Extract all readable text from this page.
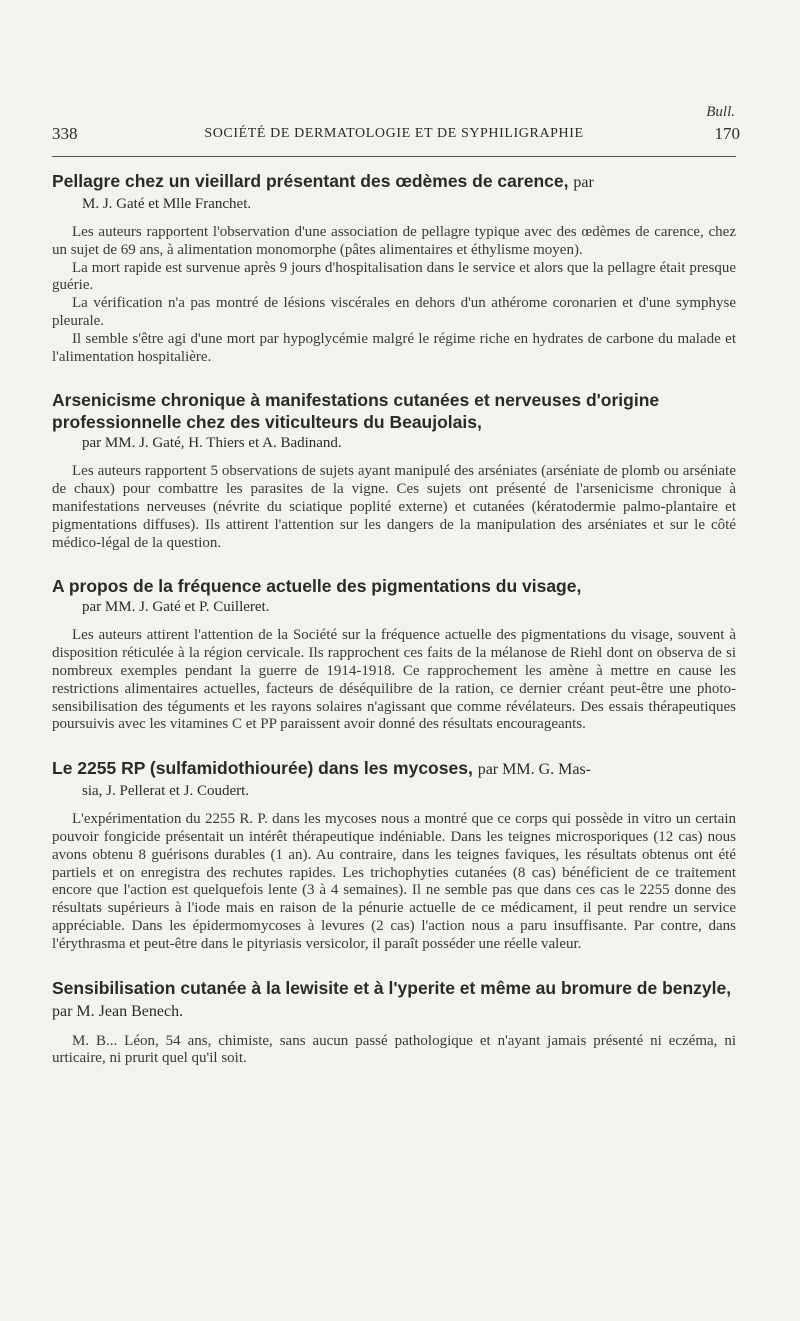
Bull.
338	SOCIÉTÉ DE DERMATOLOGIE ET DE SYPHILIGRAPHIE	170

Pellagre chez un vieillard présentant des œdèmes de carence, par

M. J. Gaté et Mlle Franchet.

Les auteurs rapportent l'observation d'une association de pellagre typique avec des œdèmes de carence, chez un sujet de 69 ans, à alimentation monomorphe (pâtes alimentaires et éthylisme moyen).

La mort rapide est survenue après 9 jours d'hospitalisation dans le service et alors que la pellagre était presque guérie.

La vérification n'a pas montré de lésions viscérales en dehors d'un athérome coronarien et d'une symphyse pleurale.

Il semble s'être agi d'une mort par hypoglycémie malgré le régime riche en hydrates de carbone du malade et l'alimentation hospitalière.

Arsenicisme chronique à manifestations cutanées et nerveuses d'origine professionnelle chez des viticulteurs du Beaujolais,

par MM. J. Gaté, H. Thiers et A. Badinand.

Les auteurs rapportent 5 observations de sujets ayant manipulé des arséniates (arséniate de plomb ou arséniate de chaux) pour combattre les parasites de la vigne. Ces sujets ont présenté de l'arsenicisme chronique à manifestations nerveuses (névrite du sciatique poplité externe) et cutanées (kératodermie palmo-plantaire et pigmentations diffuses). Ils attirent l'attention sur les dangers de la manipulation des arséniates et sur le côté médico-légal de la question.

A propos de la fréquence actuelle des pigmentations du visage,

par MM. J. Gaté et P. Cuilleret.

Les auteurs attirent l'attention de la Société sur la fréquence actuelle des pigmentations du visage, souvent à disposition réticulée à la région cervicale. Ils rapprochent ces faits de la mélanose de Riehl dont on observa de si nombreux exemples pendant la guerre de 1914-1918. Ce rapprochement les amène à mettre en cause les restrictions alimentaires actuelles, facteurs de déséquilibre de la ration, ce dernier créant peut-être une photo-sensibilisation des téguments et les rayons solaires n'agissant que comme révélateurs. Des essais thérapeutiques poursuivis avec les vitamines C et PP paraissent avoir donné des résultats encourageants.

Le 2255 RP (sulfamidothiourée) dans les mycoses, par MM. G. Mas-

sia, J. Pellerat et J. Coudert.

L'expérimentation du 2255 R. P. dans les mycoses nous a montré que ce corps qui possède in vitro un certain pouvoir fongicide présentait un intérêt thérapeutique indéniable. Dans les teignes microsporiques (12 cas) nous avons obtenu 8 guérisons durables (1 an). Au contraire, dans les teignes faviques, les résultats obtenus ont été partiels et on enregistra des rechutes rapides. Les trichophyties cutanées (8 cas) bénéficient de ce traitement encore que l'action est quelquefois lente (3 à 4 semaines). Il ne semble pas que dans ces cas le 2255 donne des résultats supérieurs à l'iode mais en raison de la pénurie actuelle de ce médicament, il peut rendre un service appréciable. Dans les épidermomycoses à levures (2 cas) l'action nous a paru insuffisante. Par contre, dans l'érythrasma et peut-être dans le pityriasis versicolor, il paraît posséder une réelle valeur.

Sensibilisation cutanée à la lewisite et à l'yperite et même au bromure de benzyle, par M. Jean Benech.

M. B... Léon, 54 ans, chimiste, sans aucun passé pathologique et n'ayant jamais présenté ni eczéma, ni urticaire, ni prurit quel qu'il soit.
